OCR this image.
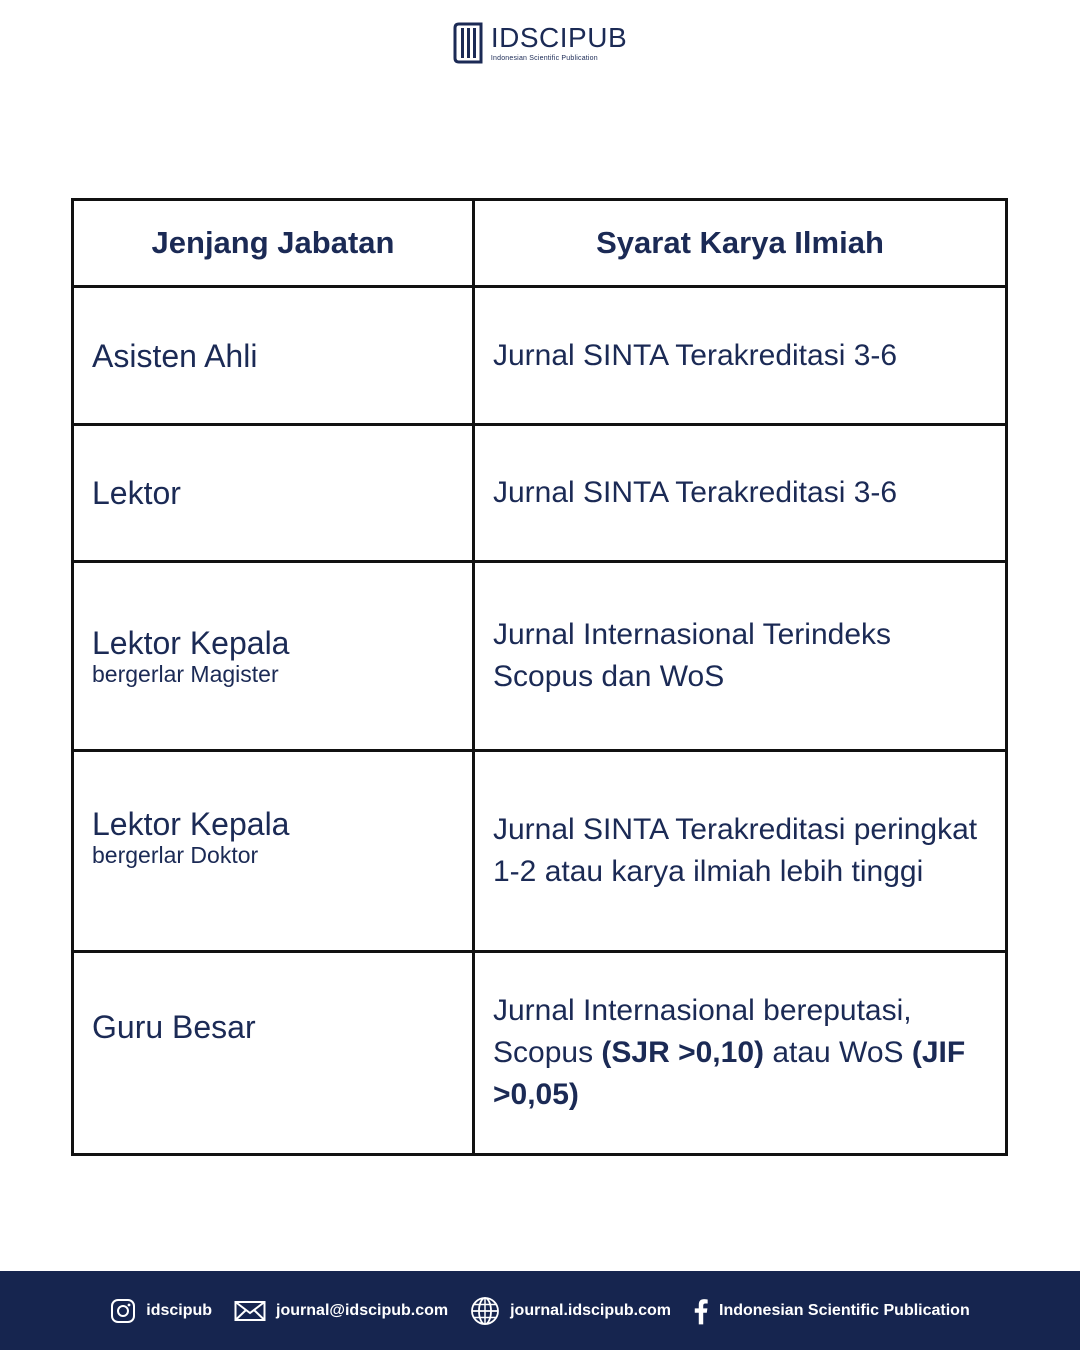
IDSCIPUB
Indonesian Scientific Publication
Jenjang Jabatan	Syarat Karya Ilmiah

Asisten Ahli	Jurnal SINTA Terakreditasi 3-6

Lektor	Jurnal SINTA Terakreditasi 3-6

Lektor Kepala
bergerlar Magister	Jurnal Internasional Terindeks Scopus dan WoS

Lektor Kepala
bergerlar Doktor	Jurnal SINTA Terakreditasi peringkat 1-2 atau karya ilmiah lebih tinggi

Guru Besar	Jurnal Internasional bereputasi, Scopus (SJR >0,10) atau WoS (JIF >0,05)
idscipub	journal@idscipub.com	journal.idscipub.com	Indonesian Scientific Publication
